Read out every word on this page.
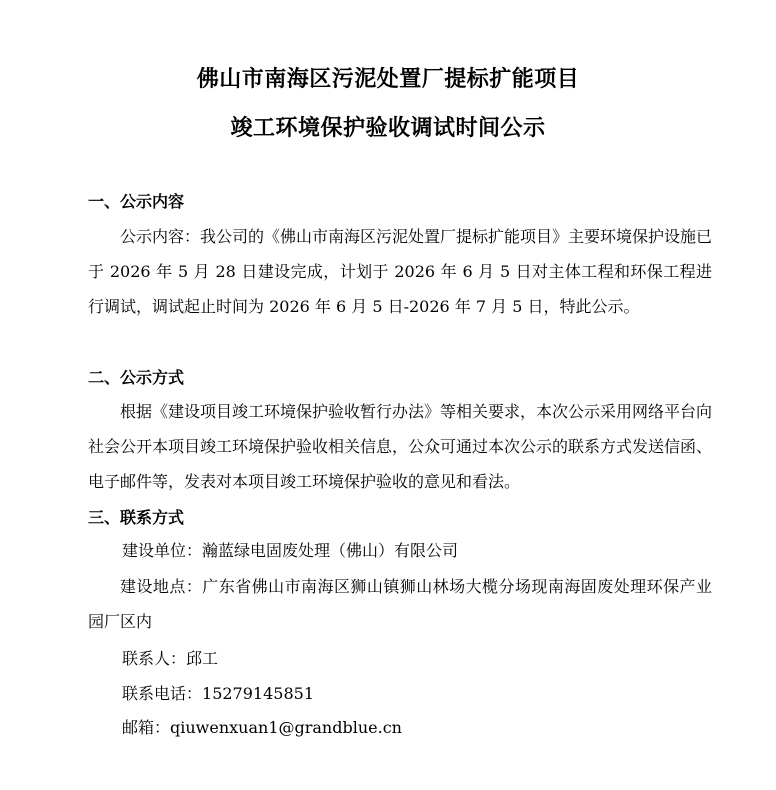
佛山市南海区污泥处置厂提标扩能项目
竣工环境保护验收调试时间公示
一、公示内容

公示内容：我公司的《佛山市南海区污泥处置厂提标扩能项目》主要环境保护设施已于 2026 年 5 月 28 日建设完成，计划于 2026 年 6 月 5 日对主体工程和环保工程进行调试，调试起止时间为 2026 年 6 月 5 日-2026 年 7 月 5 日，特此公示。

二、公示方式

根据《建设项目竣工环境保护验收暂行办法》等相关要求，本次公示采用网络平台向社会公开本项目竣工环境保护验收相关信息，公众可通过本次公示的联系方式发送信函、电子邮件等，发表对本项目竣工环境保护验收的意见和看法。

三、联系方式
建设单位：瀚蓝绿电固废处理（佛山）有限公司

建设地点：广东省佛山市南海区狮山镇狮山林场大榄分场现南海固废处理环保产业园厂区内

联系人：邱工
联系电话：15279145851
邮箱：qiuwenxuan1@grandblue.cn
